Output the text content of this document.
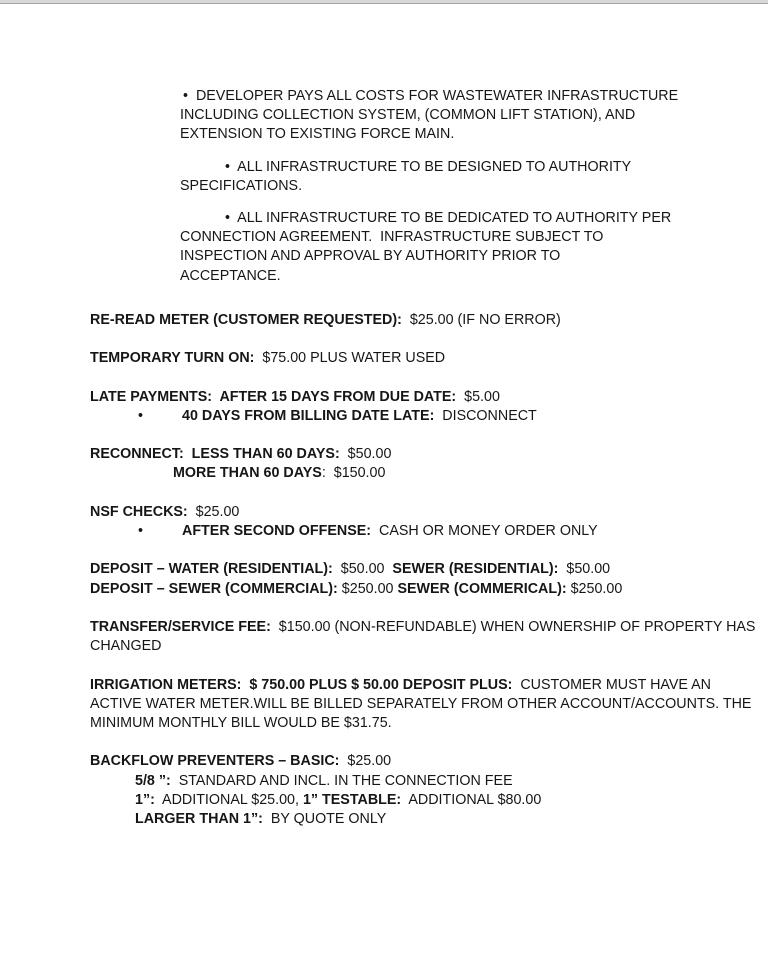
•  DEVELOPER PAYS ALL COSTS FOR WASTEWATER INFRASTRUCTURE
INCLUDING COLLECTION SYSTEM, (COMMON LIFT STATION), AND
EXTENSION TO EXISTING FORCE MAIN.
•  ALL INFRASTRUCTURE TO BE DESIGNED TO AUTHORITY
SPECIFICATIONS.
•  ALL INFRASTRUCTURE TO BE DEDICATED TO AUTHORITY PER
CONNECTION AGREEMENT.  INFRASTRUCTURE SUBJECT TO
INSPECTION AND APPROVAL BY AUTHORITY PRIOR TO
ACCEPTANCE.
RE-READ METER (CUSTOMER REQUESTED):  $25.00 (IF NO ERROR)
TEMPORARY TURN ON:  $75.00 PLUS WATER USED
LATE PAYMENTS:  AFTER 15 DAYS FROM DUE DATE:  $5.00
•	40 DAYS FROM BILLING DATE LATE:  DISCONNECT
RECONNECT:  LESS THAN 60 DAYS:  $50.00
MORE THAN 60 DAYS:  $150.00
NSF CHECKS:  $25.00
•	AFTER SECOND OFFENSE:  CASH OR MONEY ORDER ONLY
DEPOSIT – WATER (RESIDENTIAL):  $50.00  SEWER (RESIDENTIAL):  $50.00
DEPOSIT – SEWER (COMMERCIAL): $250.00 SEWER (COMMERICAL): $250.00
TRANSFER/SERVICE FEE:  $150.00 (NON-REFUNDABLE) WHEN OWNERSHIP OF PROPERTY HAS
CHANGED
IRRIGATION METERS:  $ 750.00 PLUS $ 50.00 DEPOSIT PLUS:  CUSTOMER MUST HAVE AN
ACTIVE WATER METER.WILL BE BILLED SEPARATELY FROM OTHER ACCOUNT/ACCOUNTS. THE
MINIMUM MONTHLY BILL WOULD BE $31.75.
BACKFLOW PREVENTERS – BASIC:  $25.00
5/8 ”:  STANDARD AND INCL. IN THE CONNECTION FEE
1”:  ADDITIONAL $25.00, 1” TESTABLE:  ADDITIONAL $80.00
LARGER THAN 1”:  BY QUOTE ONLY
